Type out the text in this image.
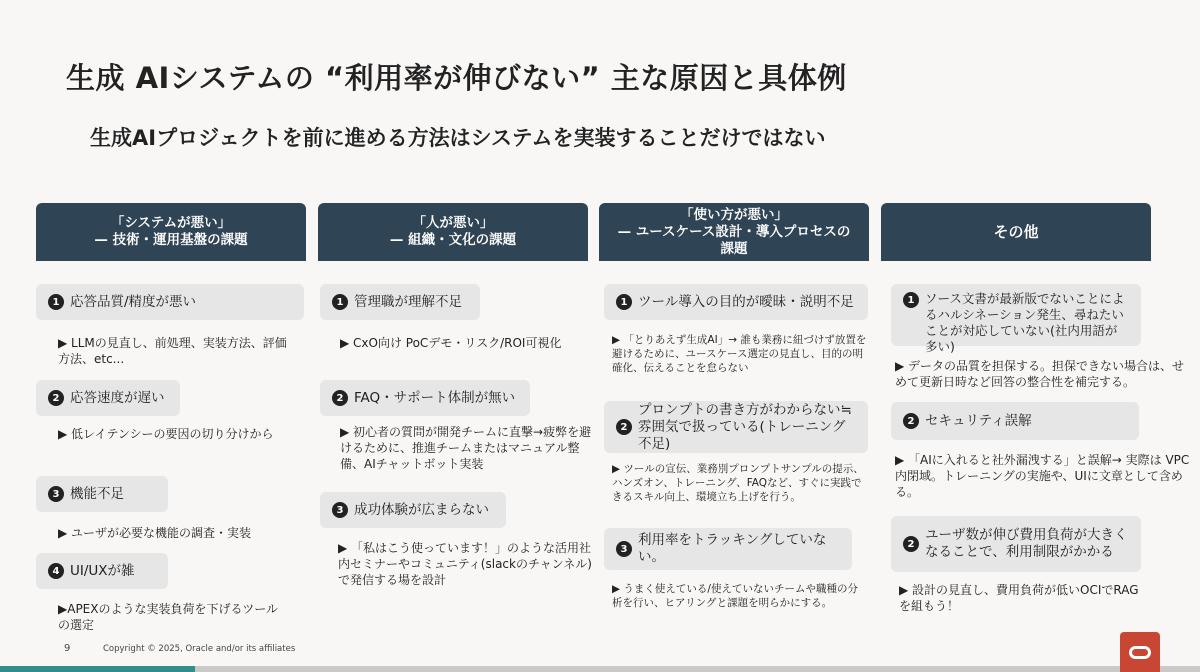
生成 AIシステムの “利用率が伸びない” 主な原因と具体例
生成AIプロジェクトを前に進める方法はシステムを実装することだけではない
「システムが悪い」
— 技術・運用基盤の課題
1 応答品質/精度が悪い
▶ LLMの見直し、前処理、実装方法、評価方法、etc...
2 応答速度が遅い
▶ 低レイテンシーの要因の切り分けから
3 機能不足
▶ ユーザが必要な機能の調査・実装
4 UI/UXが雑
▶APEXのような実装負荷を下げるツールの選定
「人が悪い」
— 組織・文化の課題
1 管理職が理解不足
▶ CxO向け PoCデモ・リスク/ROI可視化
2 FAQ・サポート体制が無い
▶ 初心者の質問が開発チームに直撃→疲弊を避けるために、推進チームまたはマニュアル整備、AIチャットボット実装
3 成功体験が広まらない
▶ 「私はこう使っています！」のような活用社内セミナーやコミュニティ(slackのチャンネル)で発信する場を設計
「使い方が悪い」
— ユースケース設計・導入プロセスの課題
1 ツール導入の目的が曖昧・説明不足
▶ 「とりあえず生成AI」→ 誰も業務に紐づけず放置を避けるために、ユースケース選定の見直し、目的の明確化、伝えることを怠らない
2
プロンプトの書き方がわからない≒雰囲気で扱っている(トレーニング不足)
▶ ツールの宣伝、業務別プロンプトサンプルの提示、ハンズオン、トレーニング、FAQなど、すぐに実践できるスキル向上、環境立ち上げを行う。
3
利用率をトラッキングしていない。
▶ うまく使えている/使えていないチームや職種の分析を行い、ヒアリングと課題を明らかにする。
その他
1 ソース文書が最新版でないことによるハルシネーション発生、尋ねたいことが対応していない(社内用語が多い)
▶ データの品質を担保する。担保できない場合は、せめて更新日時など回答の整合性を補完する。
2 セキュリティ誤解
▶ 「AIに入れると社外漏洩する」と誤解→ 実際は VPC 内閉域。トレーニングの実施や、UIに文章として含める。
2
ユーザ数が伸び費用負荷が大きくなることで、利用制限がかかる
▶ 設計の見直し、費用負荷が低いOCIでRAGを組もう！
9	Copyright © 2025, Oracle and/or its affiliates
